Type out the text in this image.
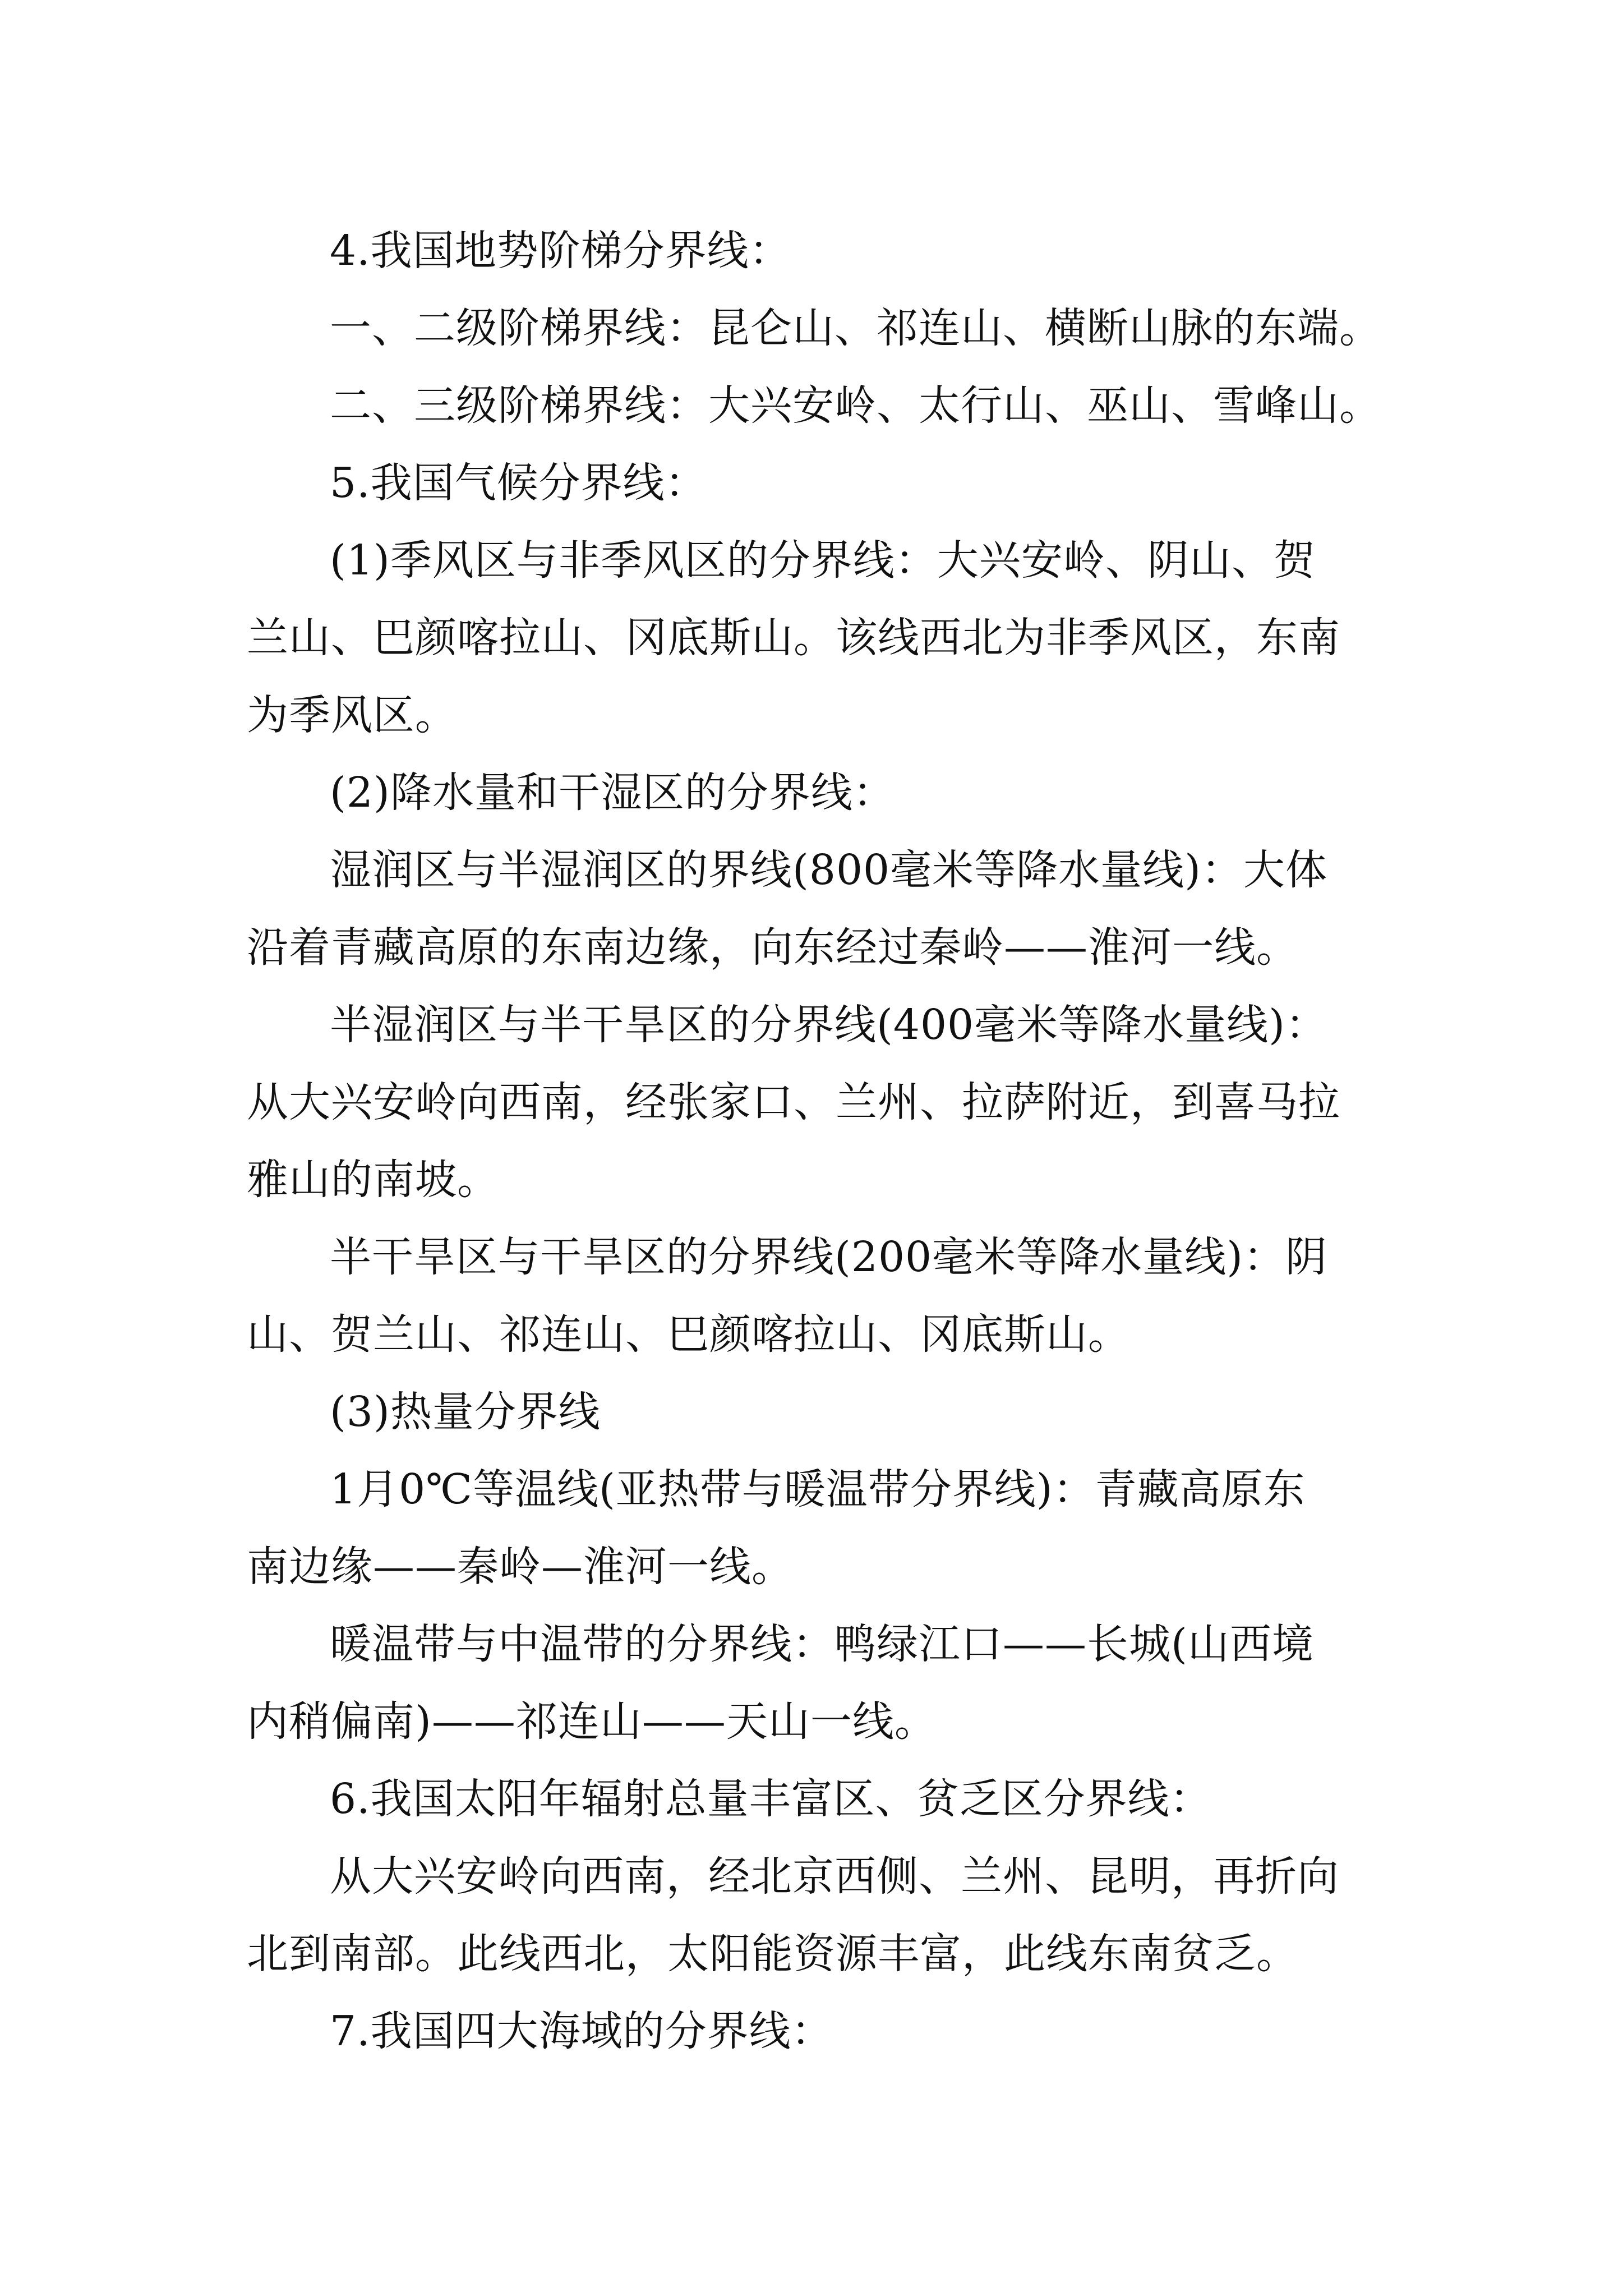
4.我国地势阶梯分界线：
一、二级阶梯界线：昆仑山、祁连山、横断山脉的东端。
二、三级阶梯界线：大兴安岭、太行山、巫山、雪峰山。
5.我国气候分界线：
(1)季风区与非季风区的分界线：大兴安岭、阴山、贺
兰山、巴颜喀拉山、冈底斯山。该线西北为非季风区，东南
为季风区。
(2)降水量和干湿区的分界线：
湿润区与半湿润区的界线(800毫米等降水量线)：大体
沿着青藏高原的东南边缘，向东经过秦岭——淮河一线。
半湿润区与半干旱区的分界线(400毫米等降水量线)：
从大兴安岭向西南，经张家口、兰州、拉萨附近，到喜马拉
雅山的南坡。
半干旱区与干旱区的分界线(200毫米等降水量线)：阴
山、贺兰山、祁连山、巴颜喀拉山、冈底斯山。
(3)热量分界线
1月0℃等温线(亚热带与暖温带分界线)：青藏高原东
南边缘——秦岭—淮河一线。
暖温带与中温带的分界线：鸭绿江口——长城(山西境
内稍偏南)——祁连山——天山一线。
6.我国太阳年辐射总量丰富区、贫乏区分界线：
从大兴安岭向西南，经北京西侧、兰州、昆明，再折向
北到南部。此线西北，太阳能资源丰富，此线东南贫乏。
7.我国四大海域的分界线：
